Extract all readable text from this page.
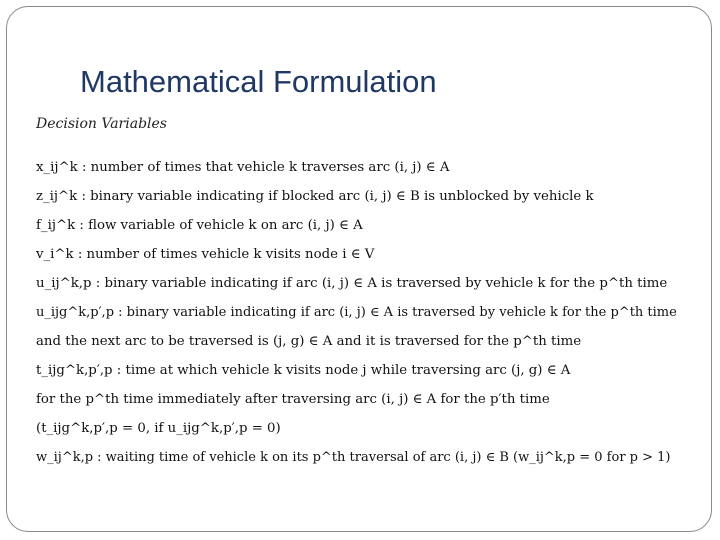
Mathematical Formulation
Decision Variables
x_ij^k : number of times that vehicle k traverses arc (i, j) ∈ A
z_ij^k : binary variable indicating if blocked arc (i, j) ∈ B is unblocked by vehicle k
f_ij^k : flow variable of vehicle k on arc (i, j) ∈ A
v_i^k : number of times vehicle k visits node i ∈ V
u_ij^k,p : binary variable indicating if arc (i, j) ∈ A is traversed by vehicle k for the p^th time
u_ijg^k,p′,p : binary variable indicating if arc (i, j) ∈ A is traversed by vehicle k for the p^th time
and the next arc to be traversed is (j, g) ∈ A and it is traversed for the p^th time
t_ijg^k,p′,p : time at which vehicle k visits node j while traversing arc (j, g) ∈ A
for the p^th time immediately after traversing arc (i, j) ∈ A for the p′th time
(t_ijg^k,p′,p = 0, if u_ijg^k,p′,p = 0)
w_ij^k,p : waiting time of vehicle k on its p^th traversal of arc (i, j) ∈ B (w_ij^k,p = 0 for p > 1)
